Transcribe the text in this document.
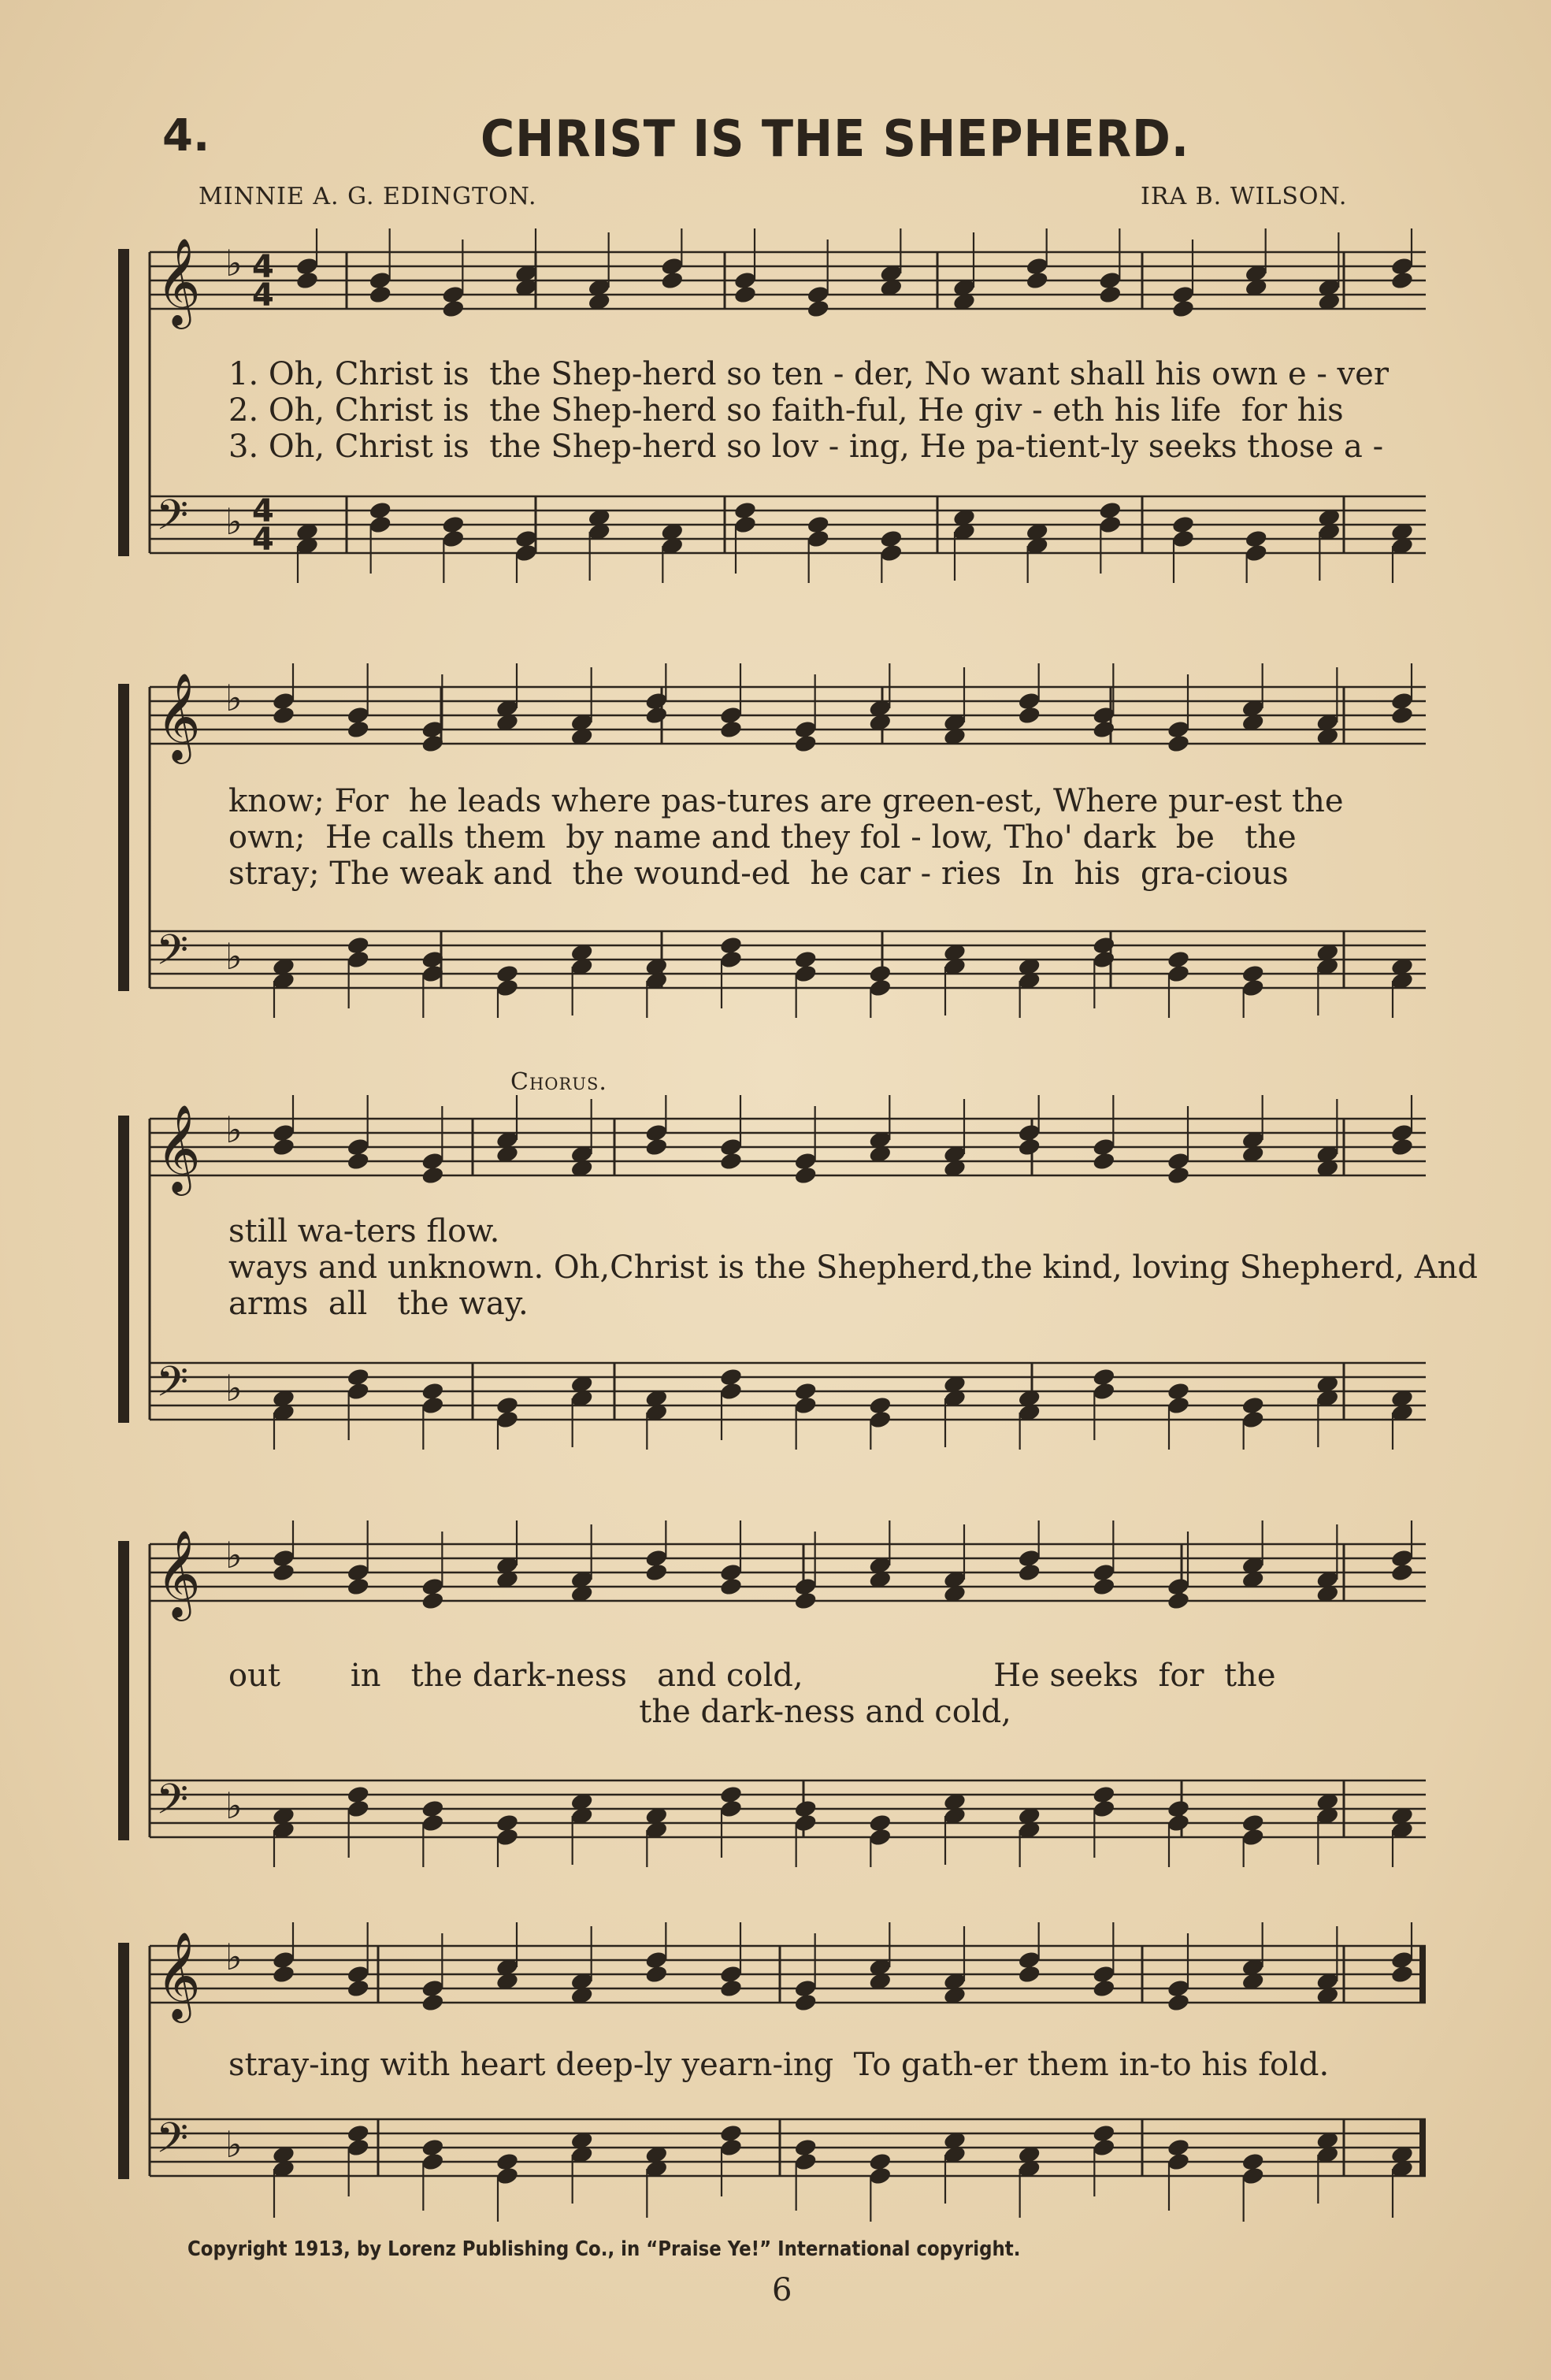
4.	CHRIST IS THE SHEPHERD.
MINNIE A. G. EDINGTON.	IRA B. WILSON.
𝄞 ♭ 4
4
𝄢 ♭ 4
4
1. Oh, Christ is  the Shep-herd so ten - der, No want shall his own e - ver
2. Oh, Christ is  the Shep-herd so faith-ful, He giv - eth his life  for his
3. Oh, Christ is  the Shep-herd so lov - ing, He pa-tient-ly seeks those a -
𝄞 ♭
𝄢 ♭
know; For  he leads where pas-tures are green-est, Where pur-est the
own;  He calls them  by name and they fol - low, Tho' dark  be   the
stray; The weak and  the wound-ed  he car - ries  In  his  gra-cious
Chorus.
𝄞 ♭
𝄢 ♭
still wa-ters flow.
ways and unknown. Oh,Christ is the Shepherd,the kind, loving Shepherd, And
arms  all   the way.
𝄞 ♭
𝄢 ♭
out       in   the dark-ness   and cold,                   He seeks  for  the
the dark-ness and cold,
𝄞 ♭
𝄢 ♭
stray-ing with heart deep-ly yearn-ing  To gath-er them in-to his fold.
Copyright 1913, by Lorenz Publishing Co., in “Praise Ye!” International copyright.
6
